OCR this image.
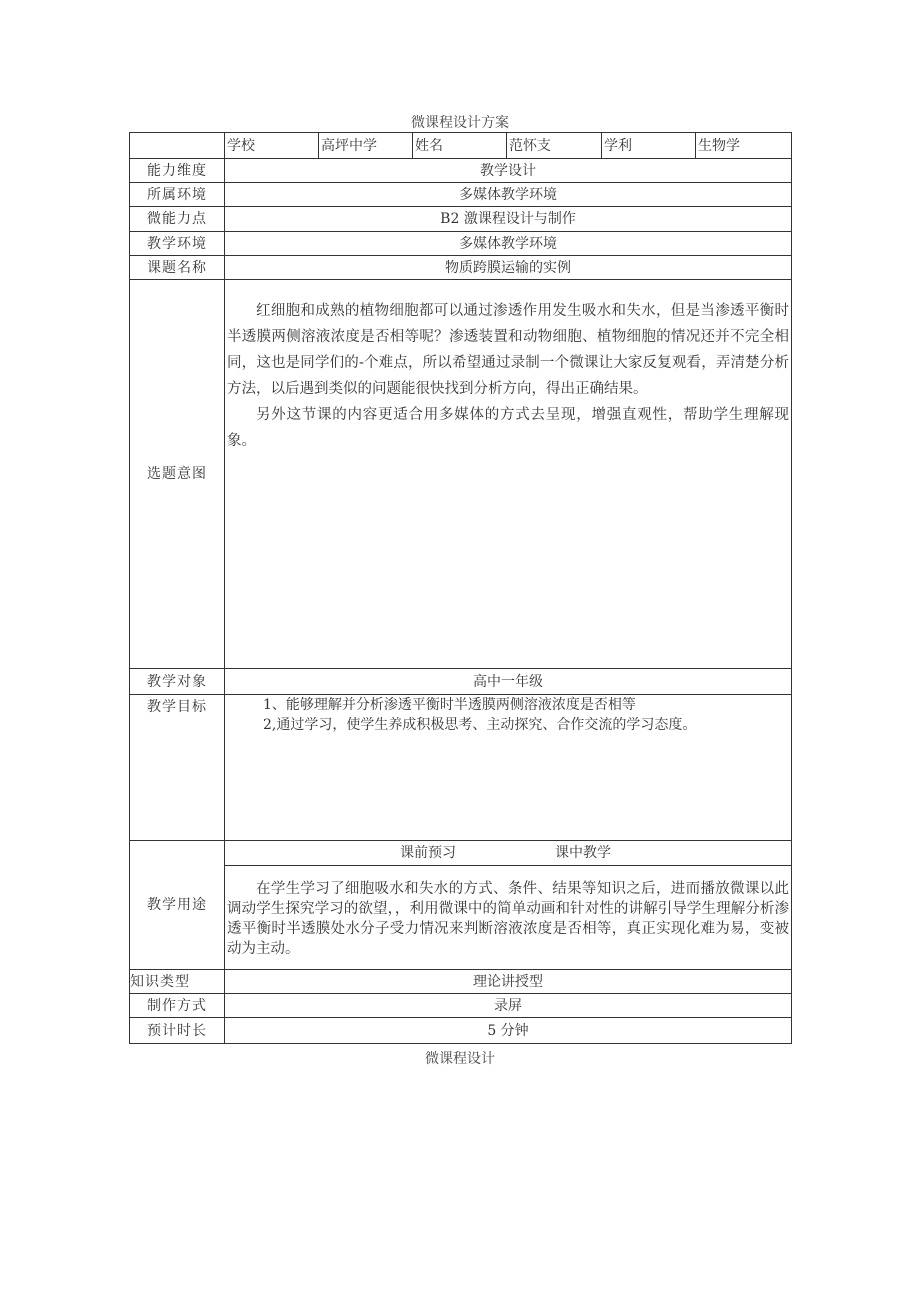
微课程设计方案
	学校	高坪中学	姓名	范怀支	学利	生物学
能力维度	教学设计					
所属环境	多媒体教学环境					
微能力点	B2 激课程设计与制作					
教学环境	多媒体教学环境					
课题名称	物质跨膜运输的实例					
选题意图	红细胞和成熟的植物细胞都可以通过渗透作用发生吸水和失水，但是当渗透平衡时半透膜两侧溶液浓度是否相等呢？渗透装置和动物细胞、植物细胞的情况还并不完全相同，这也是同学们的-个难点，所以希望通过录制一个微课让大家反复观看，弄清楚分析方法，以后遇到类似的问题能很快找到分析方向，得出正确结果。
另外这节课的内容更适合用多媒体的方式去呈现，增强直观性，帮助学生理解现象。					

教学对象	高中一年级					
教学目标	1、能够理解并分析渗透平衡时半透膜两侧溶液浓度是否相等
2,通过学习，使学生养成积极思考、主动探究、合作交流的学习态度。					

教学用途	课前预习 课中教学					
	在学生学习了细胞吸水和失水的方式、条件、结果等知识之后，进而播放微课以此调动学生探究学习的欲望，，利用微课中的简单动画和针对性的讲解引导学生理解分析渗透平衡时半透膜处水分子受力情况来判断溶液浓度是否相等，真正实现化难为易，变被动为主动。					
知识类型	理论讲授型					
制作方式	录屏					
预计时长	5 分钟					
微课程设计
